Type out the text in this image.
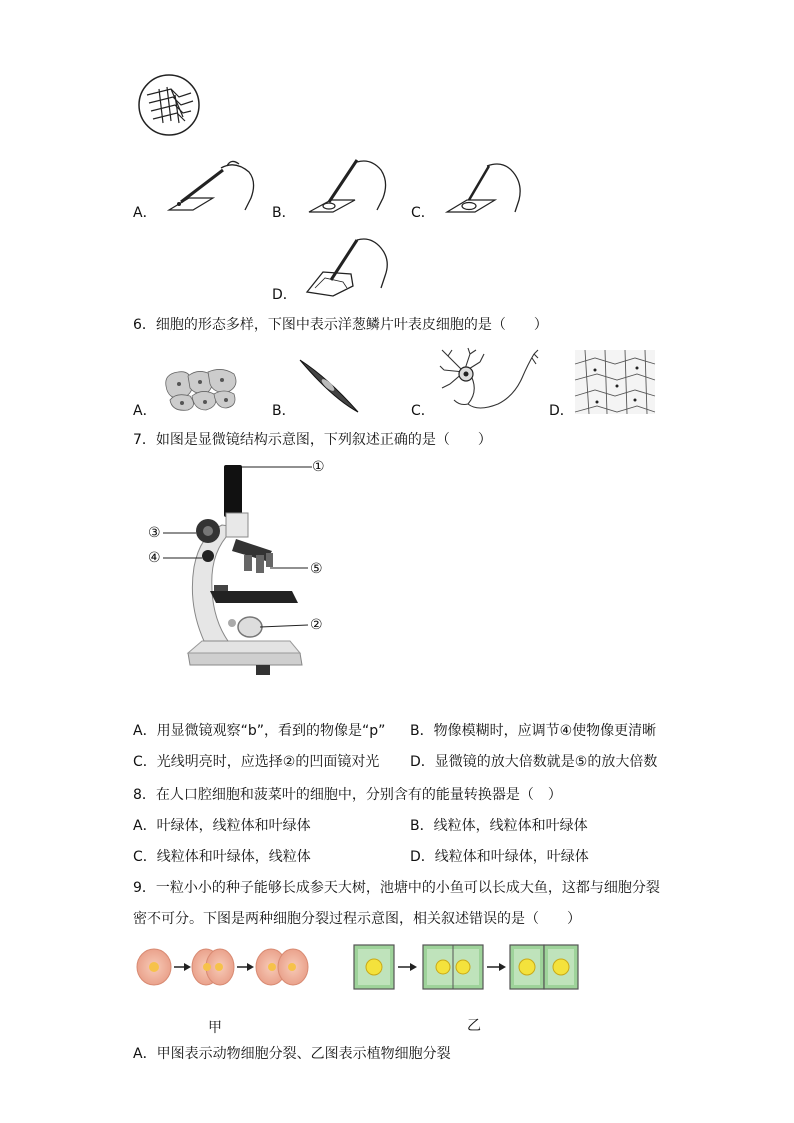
A．	B．	C．
D．
6．细胞的形态多样，下图中表示洋葱鳞片叶表皮细胞的是（　　）
A．	B．	C．	D．
7．如图是显微镜结构示意图，下列叙述正确的是（　　）
①
③
④
⑤
②
A．用显微镜观察“b”，看到的物像是“p” B．物像模糊时，应调节④使物像更清晰
C．光线明亮时，应选择②的凹面镜对光 D．显微镜的放大倍数就是⑤的放大倍数
8．在人口腔细胞和菠菜叶的细胞中，分别含有的能量转换器是（　）
A．叶绿体，线粒体和叶绿体	B．线粒体，线粒体和叶绿体
C．线粒体和叶绿体，线粒体	D．线粒体和叶绿体，叶绿体
9．一粒小小的种子能够长成参天大树，池塘中的小鱼可以长成大鱼，这都与细胞分裂
密不可分。下图是两种细胞分裂过程示意图，相关叙述错误的是（　　）
甲	乙
A．甲图表示动物细胞分裂、乙图表示植物细胞分裂
